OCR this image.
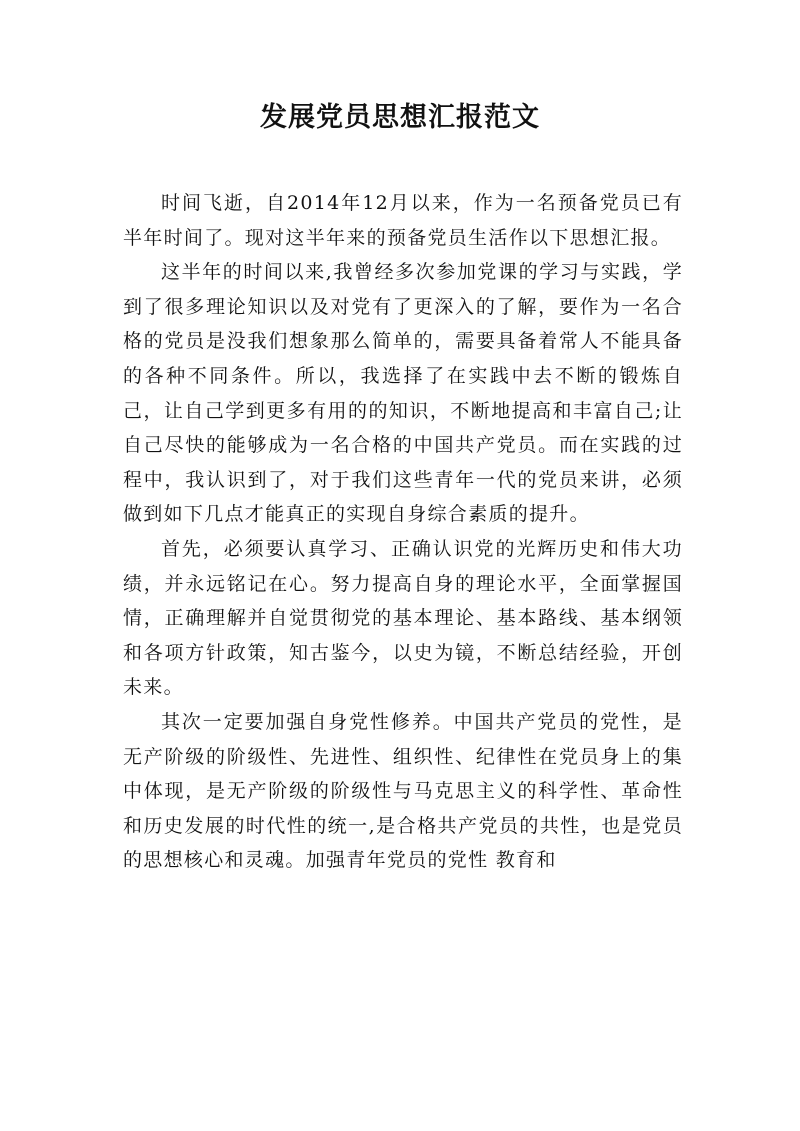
发展党员思想汇报范文

时间飞逝，自2014年12月以来，作为一名预备党员已有半年时间了。现对这半年来的预备党员生活作以下思想汇报。

这半年的时间以来,我曾经多次参加党课的学习与实践，学到了很多理论知识以及对党有了更深入的了解，要作为一名合格的党员是没我们想象那么简单的，需要具备着常人不能具备的各种不同条件。所以，我选择了在实践中去不断的锻炼自己，让自己学到更多有用的的知识，不断地提高和丰富自己;让自己尽快的能够成为一名合格的中国共产党员。而在实践的过程中，我认识到了，对于我们这些青年一代的党员来讲，必须做到如下几点才能真正的实现自身综合素质的提升。

首先，必须要认真学习、正确认识党的光辉历史和伟大功绩，并永远铭记在心。努力提高自身的理论水平，全面掌握国情，正确理解并自觉贯彻党的基本理论、基本路线、基本纲领和各项方针政策，知古鉴今，以史为镜，不断总结经验，开创未来。

其次一定要加强自身党性修养。中国共产党员的党性，是无产阶级的阶级性、先进性、组织性、纪律性在党员身上的集中体现，是无产阶级的阶级性与马克思主义的科学性、革命性和历史发展的时代性的统一,是合格共产党员的共性，也是党员的思想核心和灵魂。加强青年党员的党性 教育和
